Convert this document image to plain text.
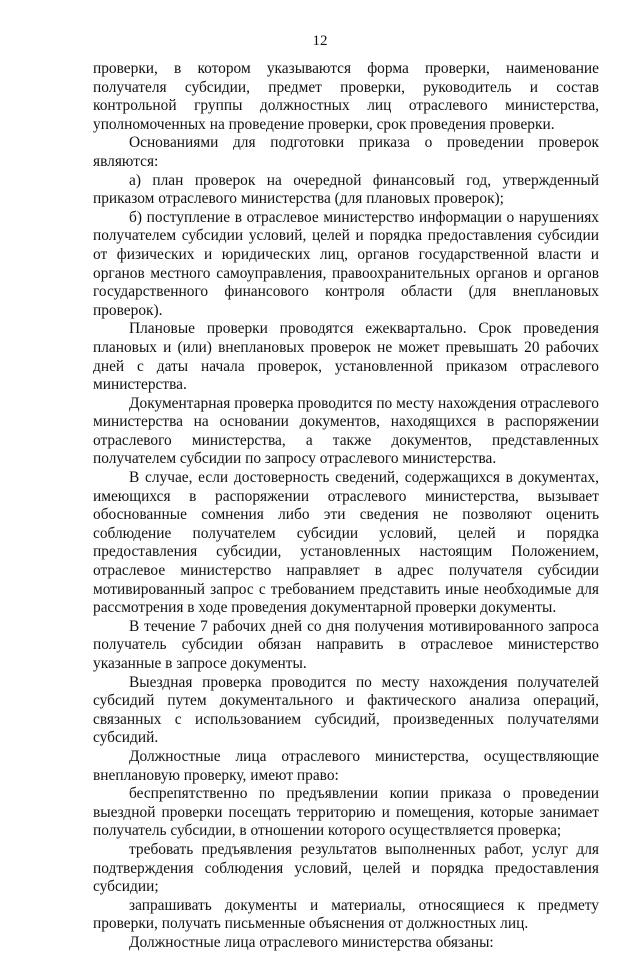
12

проверки, в котором указываются форма проверки, наименование получателя субсидии, предмет проверки, руководитель и состав контрольной группы должностных лиц отраслевого министерства, уполномоченных на проведение проверки, срок проведения проверки.

Основаниями для подготовки приказа о проведении проверок являются:

а) план проверок на очередной финансовый год, утвержденный приказом отраслевого министерства (для плановых проверок);

б) поступление в отраслевое министерство информации о нарушениях получателем субсидии условий, целей и порядка предоставления субсидии от физических и юридических лиц, органов государственной власти и органов местного самоуправления, правоохранительных органов и органов государственного финансового контроля области (для внеплановых проверок).

Плановые проверки проводятся ежеквартально. Срок проведения плановых и (или) внеплановых проверок не может превышать 20 рабочих дней с даты начала проверок, установленной приказом отраслевого министерства.

Документарная проверка проводится по месту нахождения отраслевого министерства на основании документов, находящихся в распоряжении отраслевого министерства, а также документов, представленных получателем субсидии по запросу отраслевого министерства.

В случае, если достоверность сведений, содержащихся в документах, имеющихся в распоряжении отраслевого министерства, вызывает обоснованные сомнения либо эти сведения не позволяют оценить соблюдение получателем субсидии условий, целей и порядка предоставления субсидии, установленных настоящим Положением, отраслевое министерство направляет в адрес получателя субсидии мотивированный запрос с требованием представить иные необходимые для рассмотрения в ходе проведения документарной проверки документы.

В течение 7 рабочих дней со дня получения мотивированного запроса получатель субсидии обязан направить в отраслевое министерство указанные в запросе документы.

Выездная проверка проводится по месту нахождения получателей субсидий путем документального и фактического анализа операций, связанных с использованием субсидий, произведенных получателями субсидий.

Должностные лица отраслевого министерства, осуществляющие внеплановую проверку, имеют право:

беспрепятственно по предъявлении копии приказа о проведении выездной проверки посещать территорию и помещения, которые занимает получатель субсидии, в отношении которого осуществляется проверка;

требовать предъявления результатов выполненных работ, услуг для подтверждения соблюдения условий, целей и порядка предоставления субсидии;

запрашивать документы и материалы, относящиеся к предмету проверки, получать письменные объяснения от должностных лиц.

Должностные лица отраслевого министерства обязаны:
